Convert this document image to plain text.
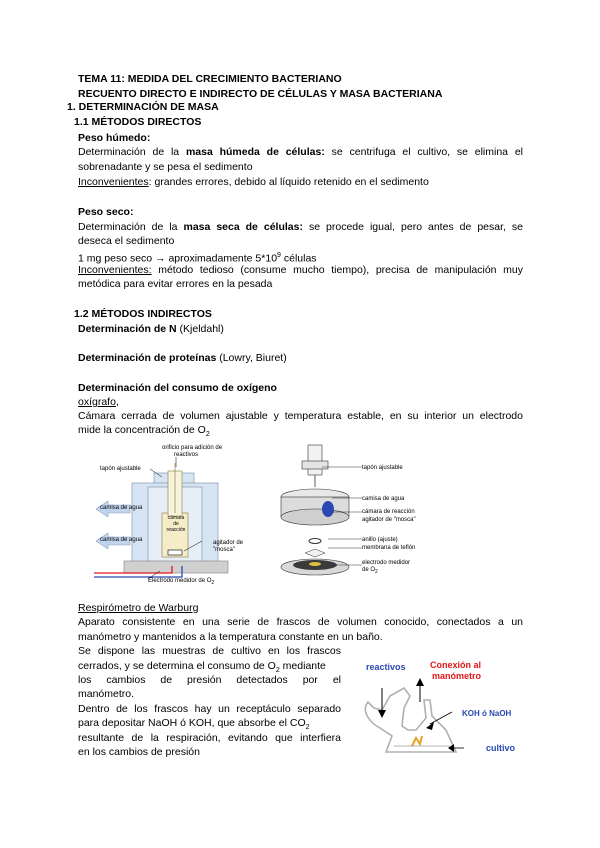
TEMA 11: MEDIDA DEL CRECIMIENTO BACTERIANO
RECUENTO DIRECTO E INDIRECTO DE CÉLULAS Y MASA BACTERIANA
1. DETERMINACIÓN DE MASA
1.1 MÉTODOS DIRECTOS
Peso húmedo:
Determinación de la masa húmeda de células: se centrifuga el cultivo, se elimina el
sobrenadante y se pesa el sedimento
Inconvenientes: grandes errores, debido al líquido retenido en el sedimento
Peso seco:
Determinación de la masa seca de células: se procede igual, pero antes de pesar, se
deseca el sedimento
1 mg peso seco → aproximadamente $5*10^9$ células
Inconvenientes: método tedioso (consume mucho tiempo), precisa de manipulación muy
metódica para evitar errores en la pesada
1.2 MÉTODOS INDIRECTOS
Determinación de N (Kjeldahl)
Determinación de proteínas (Lowry, Biuret)
Determinación del consumo de oxígeno
oxígrafo,
Cámara cerrada de volumen ajustable y temperatura estable, en su interior un electrodo
mide la concentración de $O_2$
orificio para adición de
reactivos
tapón ajustable
camisa de agua
camisa de agua
cámara
de
reacción
agitador de
"mosca"
Electrodo medidor de $O_2$
tapón ajustable
camisa de agua
cámara de reacción
agitador de "mosca"
anillo (ajuste)
membrana de teflón
electrodo medidor
de $O_2$
Respirómetro de Warburg
Aparato consistente en una serie de frascos de volumen conocido, conectados a un
manómetro y mantenidos a la temperatura constante en un baño.
Se dispone las muestras de cultivo en los frascos
cerrados, y se determina el consumo de $O_2$ mediante
los cambios de presión detectados por el
manómetro.
Dentro de los frascos hay un receptáculo separado
para depositar NaOH ó KOH, que absorbe el $CO_2$
resultante de la respiración, evitando que interfiera
en los cambios de presión
reactivos	Conexión al
manómetro
KOH ó NaOH
cultivo
